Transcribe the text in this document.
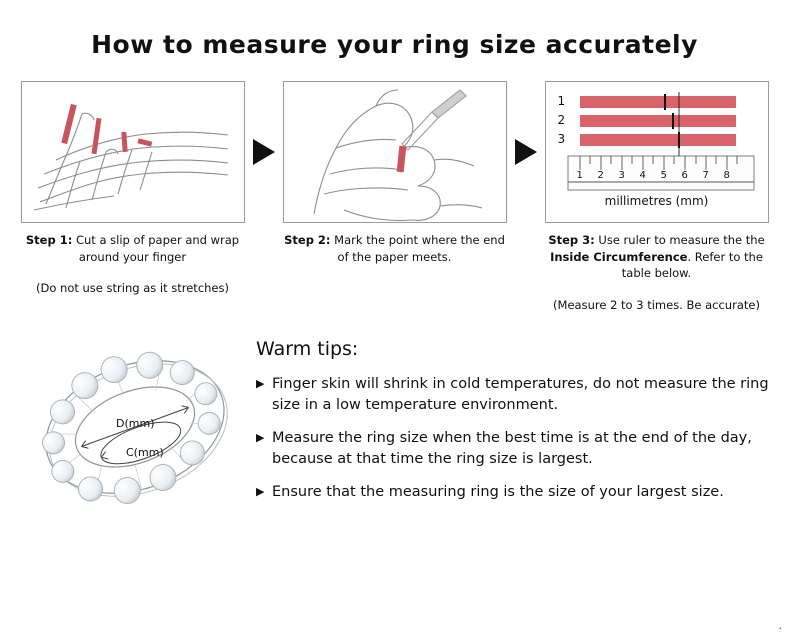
How to measure your ring size accurately
Step 1: Cut a slip of paper and wrap around your finger
(Do not use string as it stretches)
Step 2: Mark the point where the end of the paper meets.
1
2
3
1 2 3 4 5 6 7 8
millimetres (mm)
Step 3: Use ruler to measure the the Inside Circumference. Refer to the table below.
(Measure 2 to 3 times. Be accurate)
D(mm)
C(mm)
Warm tips:
▶ Finger skin will shrink in cold temperatures, do not measure the ring size in a low temperature environment.
▶ Measure the ring size when the best time is at the end of the day, because at that time the ring size is largest.
▶ Ensure that the measuring ring is the size of your largest size.
.
